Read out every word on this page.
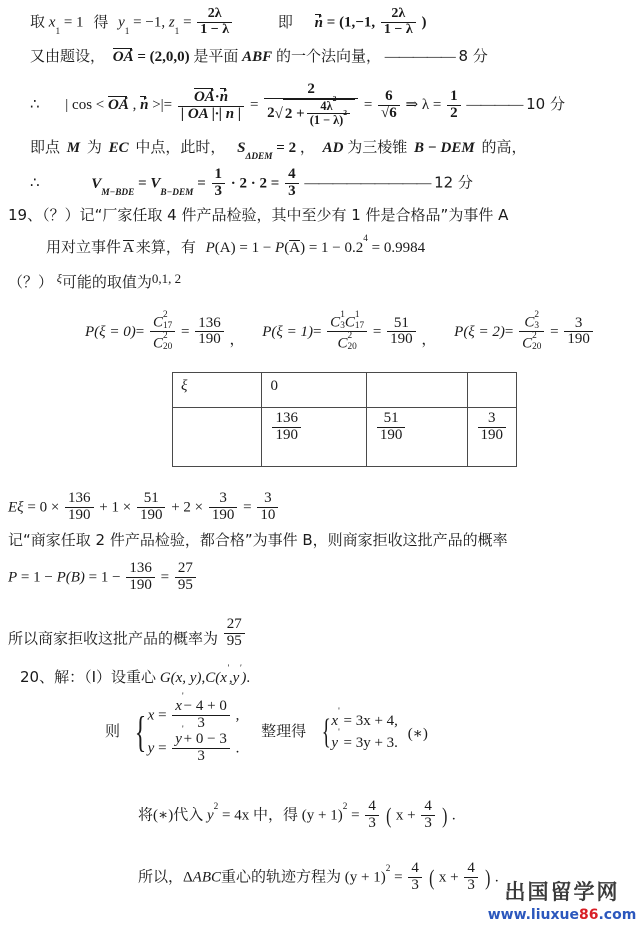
取 $x_1 = 1$ 得 $y_1 = -1$, $z_1 = \frac{2\lambda}{1 - \lambda}$	即 n = (1,−1, $\frac{2\lambda}{1 - \lambda}$ )
又由题设， OA = (2,0,0) 是平面 ABF 的一个法向量， ————— 8 分
∴ | cos < OA , n >|= $\frac{OA\cdot n}{| OA |\cdot| n |} = \frac{2}{2√ 2 + \frac{4\lambda^2}{(1 - \lambda)^2}} = \frac{6}{√6}$ ⇒ $\lambda = \frac{1}{2}$ ———— 10 分
即点 M 为 EC 中点，此时， $S_{\Delta DEM} = 2$ ， AD 为三棱锥 B − DEM 的高，
∴	$V_{M-BDE} = V_{B-DEM} = \frac{1}{3} \cdot 2 \cdot 2 = \frac{4}{3}$ ————————— 12 分
19、（？）记“厂家任取 4 件产品检验，其中至少有 1 件是合格品”为事件 A
用对立事件 A 来算，有 $P(A) = 1 - P(A) = 1 - 0.2^4 = 0.9984$
（？） $^\xi$可能的取值为0,1, 2
P(ξ = 0)= C 2
17
C 2
$20 = \frac{136}{190}$ ， P(ξ = 1)= C 1
3 C 1
17
C 2
$20 = \frac{51}{190}$ ， P(ξ = 2)= C 2
3
C 2
$20 = \frac{3}{190}$
ξ	0		

	$\frac{136}{190}$	$\frac{51}{190}$	$\frac{3}{190}$
$E\xi = 0 \times \frac{136}{190} + 1 \times \frac{51}{190} + 2 \times \frac{3}{190} = \frac{3}{10}$
记“商家任取 2 件产品检验，都合格”为事件 B，则商家拒收这批产品的概率
$P = 1 - P(B) = 1 - \frac{136}{190} = \frac{27}{95}$
所以商家拒收这批产品的概率为 $\frac{27}{95}$
20、解：（Ⅰ）设重心 G(x, y),C(x',y').
则 { $x = \frac{x'- 4 + 0}{3}$ ,
$y = \frac{y'+ 0 - 3}{3}$ .
整理得 { x' = 3x + 4,
y' = 3y + 3.
(∗)
将(∗)代入 $y^2 = 4x$ 中，得 $(y + 1)^2 = \frac{4}{3}$ ( $x + \frac{4}{3}$ ) .
所以，ΔABC重心的轨迹方程为 $(y + 1)^2 = \frac{4}{3}$ ( $x + \frac{4}{3}$ ) .
出国留学网
www.liuxue86.com
